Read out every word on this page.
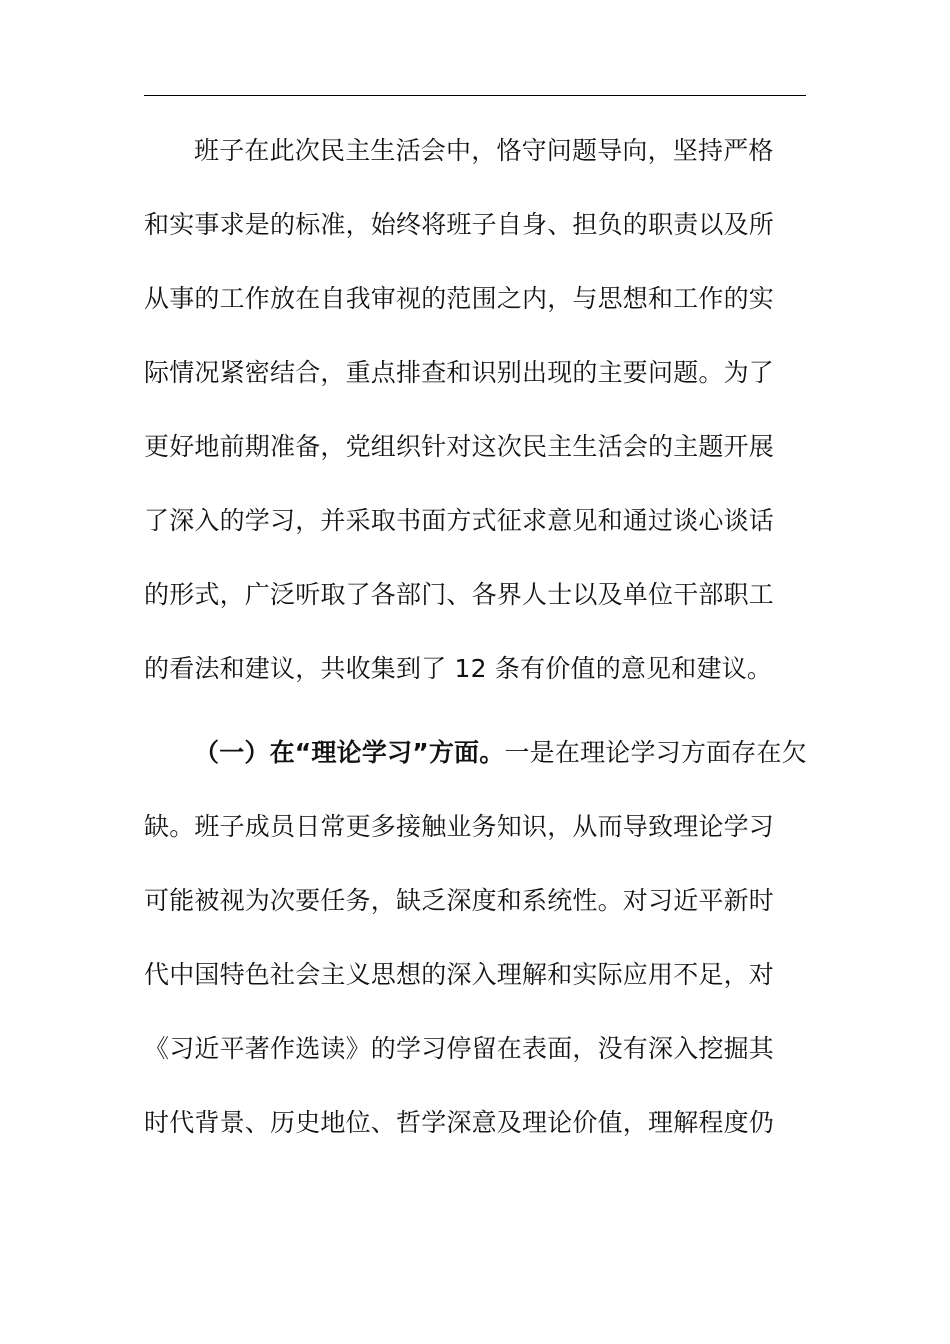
班子在此次民主生活会中，恪守问题导向，坚持严格
和实事求是的标准，始终将班子自身、担负的职责以及所
从事的工作放在自我审视的范围之内，与思想和工作的实
际情况紧密结合，重点排查和识别出现的主要问题。为了
更好地前期准备，党组织针对这次民主生活会的主题开展
了深入的学习，并采取书面方式征求意见和通过谈心谈话
的形式，广泛听取了各部门、各界人士以及单位干部职工
的看法和建议，共收集到了 12 条有价值的意见和建议。
（一）在“理论学习”方面。一是在理论学习方面存在欠
缺。班子成员日常更多接触业务知识，从而导致理论学习
可能被视为次要任务，缺乏深度和系统性。对习近平新时
代中国特色社会主义思想的深入理解和实际应用不足，对
《习近平著作选读》的学习停留在表面，没有深入挖掘其
时代背景、历史地位、哲学深意及理论价值，理解程度仍
